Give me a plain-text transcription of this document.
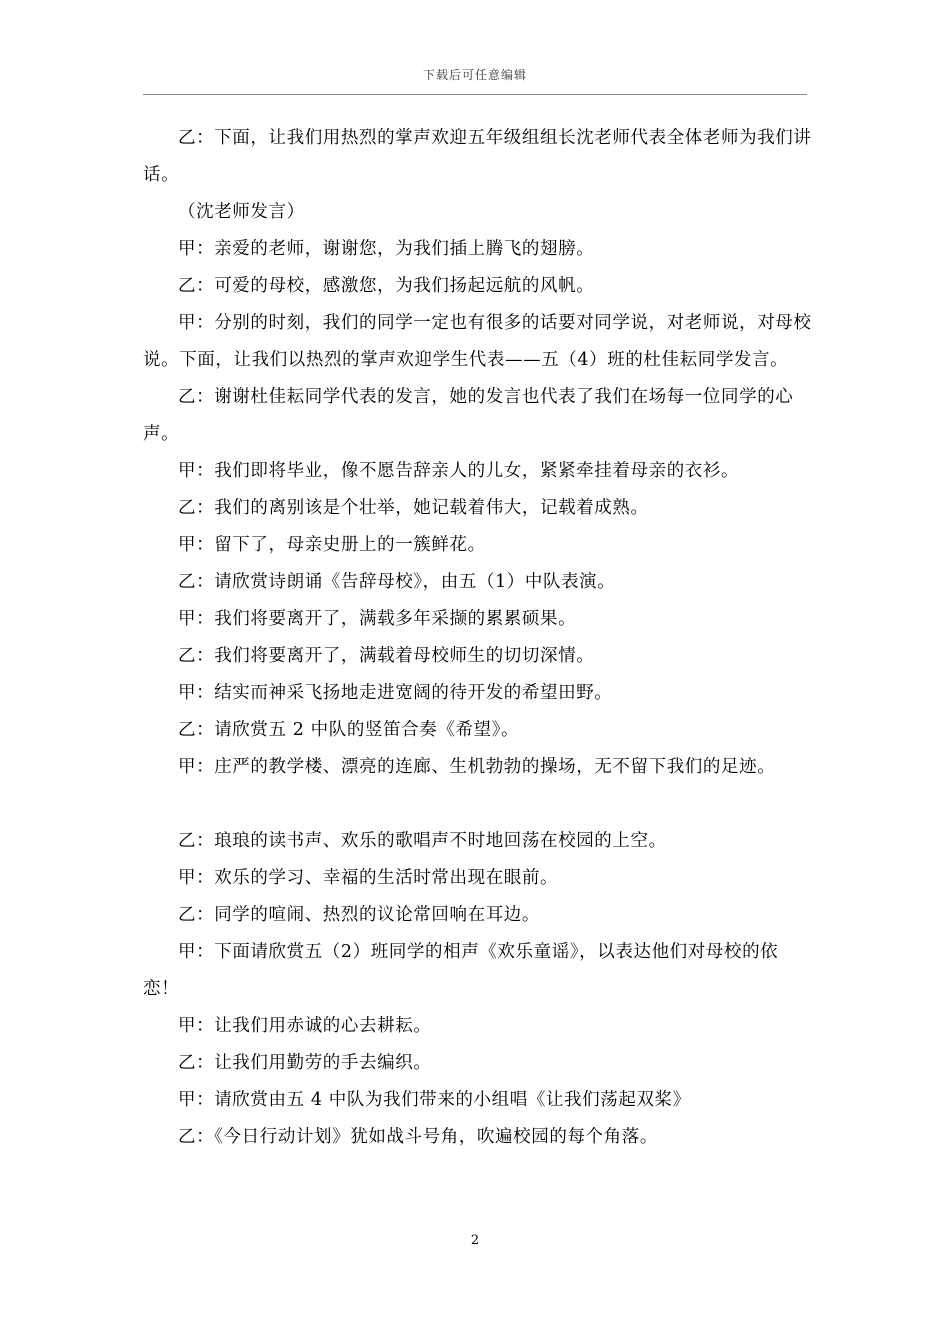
下载后可任意编辑

乙：下面，让我们用热烈的掌声欢迎五年级组组长沈老师代表全体老师为我们讲话。

（沈老师发言）

甲：亲爱的老师，谢谢您，为我们插上腾飞的翅膀。

乙：可爱的母校，感激您，为我们扬起远航的风帆。

甲：分别的时刻，我们的同学一定也有很多的话要对同学说，对老师说，对母校说。下面，让我们以热烈的掌声欢迎学生代表——五（4）班的杜佳耘同学发言。

乙：谢谢杜佳耘同学代表的发言，她的发言也代表了我们在场每一位同学的心声。

甲：我们即将毕业，像不愿告辞亲人的儿女，紧紧牵挂着母亲的衣衫。

乙：我们的离别该是个壮举，她记载着伟大，记载着成熟。

甲：留下了，母亲史册上的一簇鲜花。

乙：请欣赏诗朗诵《告辞母校》，由五（1）中队表演。

甲：我们将要离开了，满载多年采撷的累累硕果。

乙：我们将要离开了，满载着母校师生的切切深情。

甲：结实而神采飞扬地走进宽阔的待开发的希望田野。

乙：请欣赏五 2 中队的竖笛合奏《希望》。

甲：庄严的教学楼、漂亮的连廊、生机勃勃的操场，无不留下我们的足迹。

乙：琅琅的读书声、欢乐的歌唱声不时地回荡在校园的上空。

甲：欢乐的学习、幸福的生活时常出现在眼前。

乙：同学的喧闹、热烈的议论常回响在耳边。

甲：下面请欣赏五（2）班同学的相声《欢乐童谣》，以表达他们对母校的依恋！

甲：让我们用赤诚的心去耕耘。

乙：让我们用勤劳的手去编织。

甲：请欣赏由五 4 中队为我们带来的小组唱《让我们荡起双桨》

乙：《今日行动计划》犹如战斗号角，吹遍校园的每个角落。

2
